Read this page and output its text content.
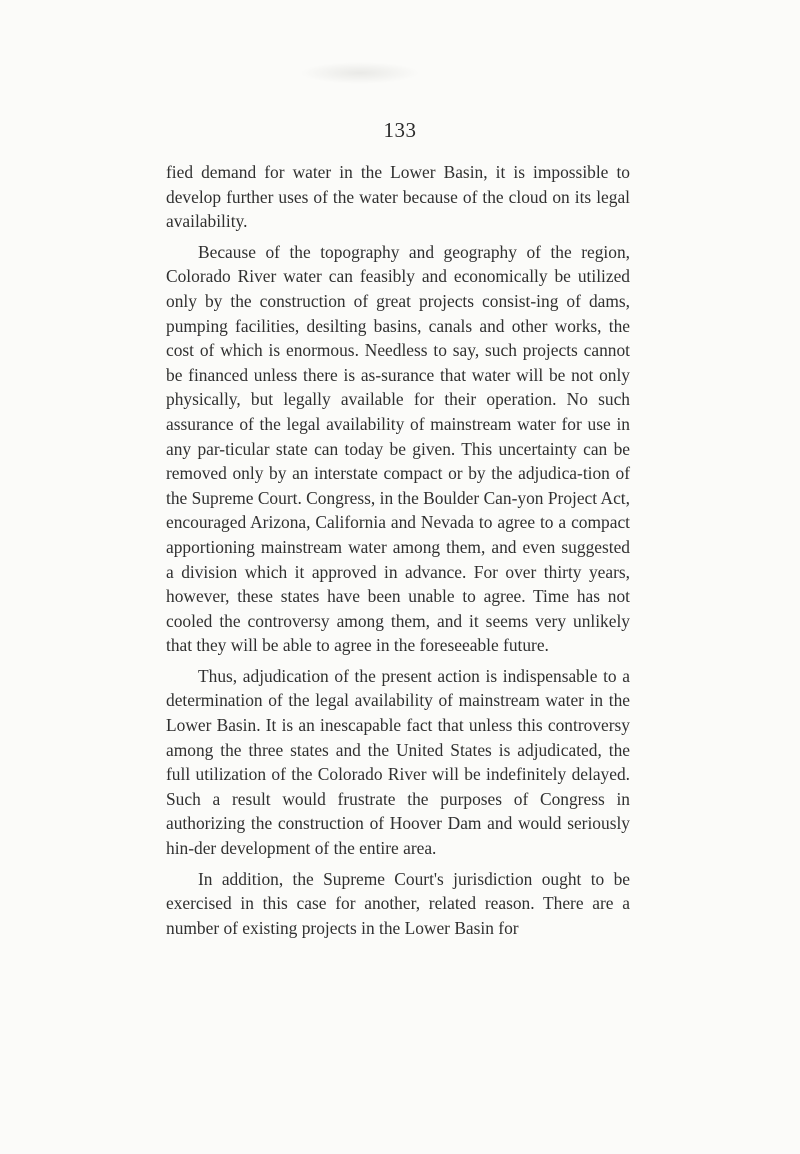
133

fied demand for water in the Lower Basin, it is impossible to develop further uses of the water because of the cloud on its legal availability.

Because of the topography and geography of the region, Colorado River water can feasibly and economically be utilized only by the construction of great projects consist-ing of dams, pumping facilities, desilting basins, canals and other works, the cost of which is enormous. Needless to say, such projects cannot be financed unless there is as-surance that water will be not only physically, but legally available for their operation. No such assurance of the legal availability of mainstream water for use in any par-ticular state can today be given. This uncertainty can be removed only by an interstate compact or by the adjudica-tion of the Supreme Court. Congress, in the Boulder Can-yon Project Act, encouraged Arizona, California and Nevada to agree to a compact apportioning mainstream water among them, and even suggested a division which it approved in advance. For over thirty years, however, these states have been unable to agree. Time has not cooled the controversy among them, and it seems very unlikely that they will be able to agree in the foreseeable future.

Thus, adjudication of the present action is indispensable to a determination of the legal availability of mainstream water in the Lower Basin. It is an inescapable fact that unless this controversy among the three states and the United States is adjudicated, the full utilization of the Colorado River will be indefinitely delayed. Such a result would frustrate the purposes of Congress in authorizing the construction of Hoover Dam and would seriously hin-der development of the entire area.

In addition, the Supreme Court's jurisdiction ought to be exercised in this case for another, related reason. There are a number of existing projects in the Lower Basin for
